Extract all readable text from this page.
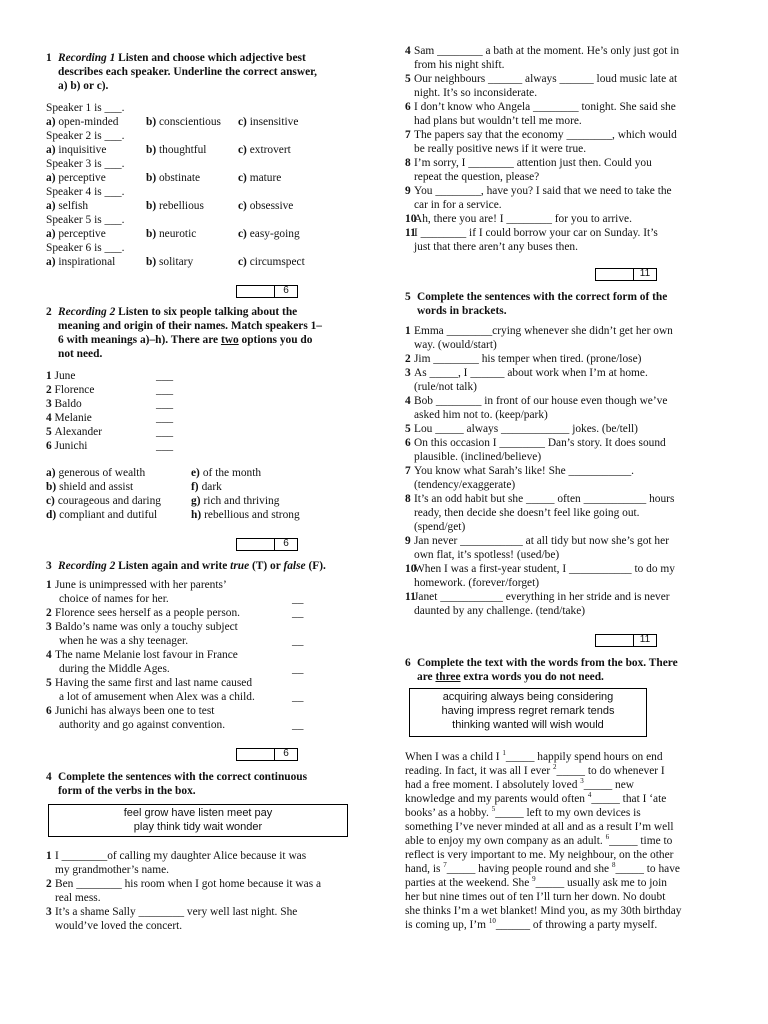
1 Recording 1 Listen and choose which adjective best
describes each speaker. Underline the correct answer,
a) b) or c).
Speaker 1 is ___.
a) open-minded	b) conscientious	c) insensitive
Speaker 2 is ___.
a) inquisitive	b) thoughtful	c) extrovert
Speaker 3 is ___.
a) perceptive	b) obstinate	c) mature
Speaker 4 is ___.
a) selfish	b) rebellious	c) obsessive
Speaker 5 is ___.
a) perceptive	b) neurotic	c) easy-going
Speaker 6 is ___.
a) inspirational	b) solitary	c) circumspect
6
2 Recording 2 Listen to six people talking about the
meaning and origin of their names. Match speakers 1–
6 with meanings a)–h). There are two options you do
not need.
1 June	___
2 Florence	___
3 Baldo	___
4 Melanie	___
5 Alexander	___
6 Junichi	___
a) generous of wealth	e) of the month
b) shield and assist	f) dark
c) courageous and daring	g) rich and thriving
d) compliant and dutiful	h) rebellious and strong
6
3 Recording 2 Listen again and write true (T) or false (F).
1 June is unimpressed with her parents’
choice of names for her.	__
2 Florence sees herself as a people person.	__
3 Baldo’s name was only a touchy subject
when he was a shy teenager.	__
4 The name Melanie lost favour in France
during the Middle Ages.	__
5 Having the same first and last name caused
a lot of amusement when Alex was a child.	__
6 Junichi has always been one to test
authority and go against convention.	__
6
4 Complete the sentences with the correct continuous
form of the verbs in the box.
feel grow have listen meet pay
play think tidy wait wonder
1 I ________of calling my daughter Alice because it was
my grandmother’s name.
2 Ben ________ his room when I got home because it was a
real mess.
3 It’s a shame Sally ________ very well last night. She
would’ve loved the concert.
4 Sam ________ a bath at the moment. He’s only just got in
from his night shift.
5 Our neighbours ______ always ______ loud music late at
night. It’s so inconsiderate.
6 I don’t know who Angela ________ tonight. She said she
had plans but wouldn’t tell me more.
7 The papers say that the economy ________, which would
be really positive news if it were true.
8 I’m sorry, I ________ attention just then. Could you
repeat the question, please?
9 You ________, have you? I said that we need to take the
car in for a service.
10
Ah, there you are! I ________ for you to arrive.
11
I ________ if I could borrow your car on Sunday. It’s
just that there aren’t any buses then.
11
5 Complete the sentences with the correct form of the
words in brackets.
1 Emma ________crying whenever she didn’t get her own
way. (would/start)
2 Jim ________ his temper when tired. (prone/lose)
3 As _____, I ______ about work when I’m at home.
(rule/not talk)
4 Bob ________ in front of our house even though we’ve
asked him not to. (keep/park)
5 Lou _____ always ____________ jokes. (be/tell)
6 On this occasion I ________ Dan’s story. It does sound
plausible. (inclined/believe)
7 You know what Sarah’s like! She ___________.
(tendency/exaggerate)
8 It’s an odd habit but she _____ often ___________ hours
ready, then decide she doesn’t feel like going out.
(spend/get)
9 Jan never ___________ at all tidy but now she’s got her
own flat, it’s spotless! (used/be)
10
When I was a first-year student, I ___________ to do my
homework. (forever/forget)
11
Janet ___________ everything in her stride and is never
daunted by any challenge. (tend/take)
11
6 Complete the text with the words from the box. There
are three extra words you do not need.
acquiring always being considering
having impress regret remark tends
thinking wanted will wish would
When I was a child I $^1$_____ happily spend hours on end
reading. In fact, it was all I ever $^2$_____ to do whenever I
had a free moment. I absolutely loved $^3$_____ new
knowledge and my parents would often $^4$_____ that I ‘ate
books’ as a hobby. $^5$_____ left to my own devices is
something I’ve never minded at all and as a result I’m well
able to enjoy my own company as an adult. $^6$_____ time to
reflect is very important to me. My neighbour, on the other
hand, is $^7$_____ having people round and she $^8$_____ to have
parties at the weekend. She $^9$_____ usually ask me to join
her but nine times out of ten I’ll turn her down. No doubt
she thinks I’m a wet blanket! Mind you, as my 30th birthday
is coming up, I’m $^{10}$______ of throwing a party myself.
